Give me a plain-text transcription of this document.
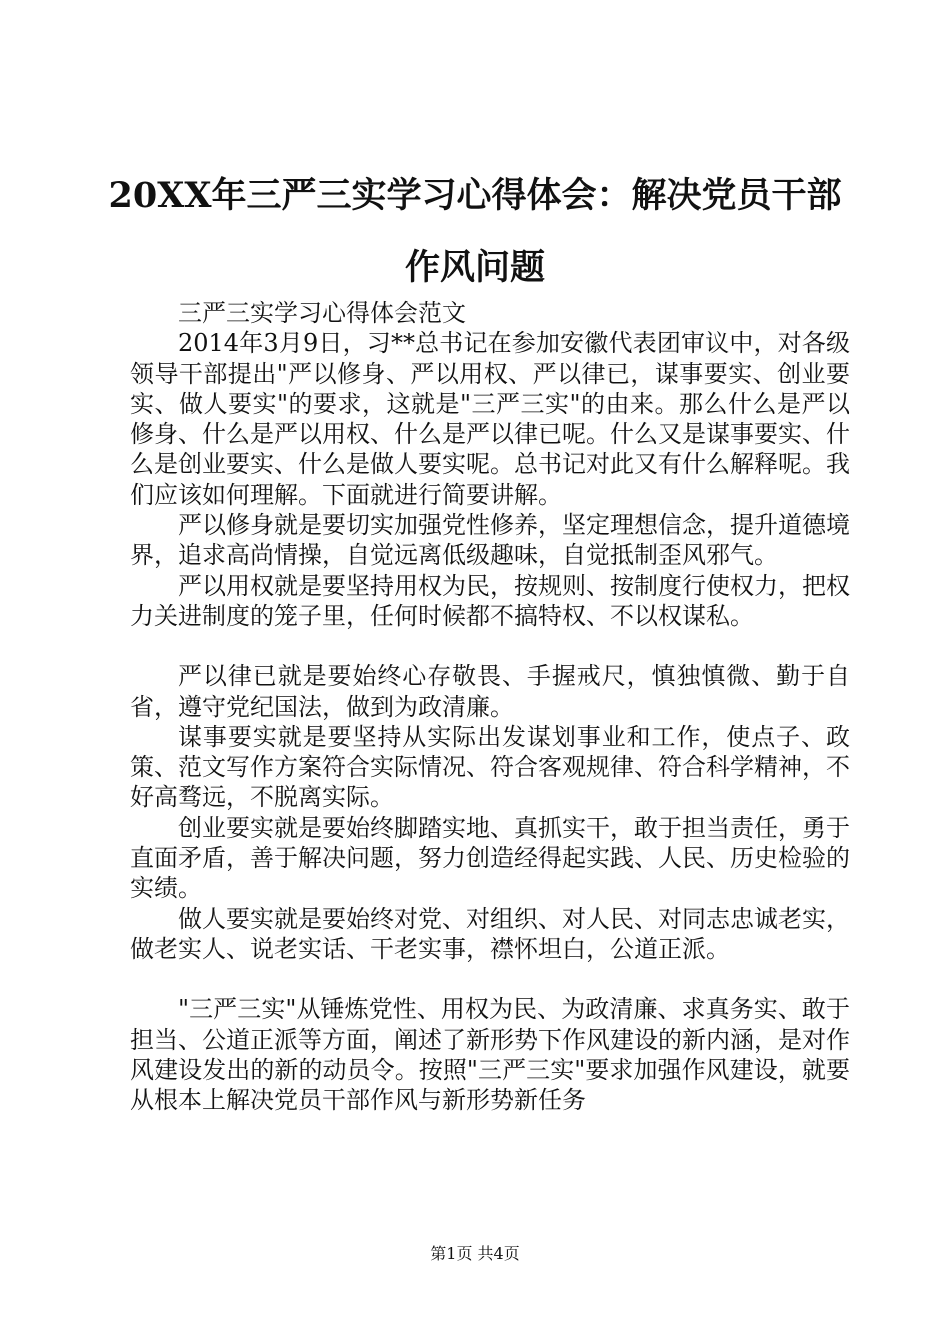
20XX年三严三实学习心得体会：解决党员干部作风问题

三严三实学习心得体会范文

2014年3月9日，习**总书记在参加安徽代表团审议中，对各级领导干部提出"严以修身、严以用权、严以律已，谋事要实、创业要实、做人要实"的要求，这就是"三严三实"的由来。那么什么是严以修身、什么是严以用权、什么是严以律已呢。什么又是谋事要实、什么是创业要实、什么是做人要实呢。总书记对此又有什么解释呢。我们应该如何理解。下面就进行简要讲解。

严以修身就是要切实加强党性修养，坚定理想信念，提升道德境界，追求高尚情操，自觉远离低级趣味，自觉抵制歪风邪气。

严以用权就是要坚持用权为民，按规则、按制度行使权力，把权力关进制度的笼子里，任何时候都不搞特权、不以权谋私。

严以律已就是要始终心存敬畏、手握戒尺，慎独慎微、勤于自省，遵守党纪国法，做到为政清廉。

谋事要实就是要坚持从实际出发谋划事业和工作，使点子、政策、范文写作方案符合实际情况、符合客观规律、符合科学精神，不好高骛远，不脱离实际。

创业要实就是要始终脚踏实地、真抓实干，敢于担当责任，勇于直面矛盾，善于解决问题，努力创造经得起实践、人民、历史检验的实绩。

做人要实就是要始终对党、对组织、对人民、对同志忠诚老实，做老实人、说老实话、干老实事，襟怀坦白，公道正派。

"三严三实"从锤炼党性、用权为民、为政清廉、求真务实、敢于担当、公道正派等方面，阐述了新形势下作风建设的新内涵，是对作风建设发出的新的动员令。按照"三严三实"要求加强作风建设，就要从根本上解决党员干部作风与新形势新任务

第1页 共4页
